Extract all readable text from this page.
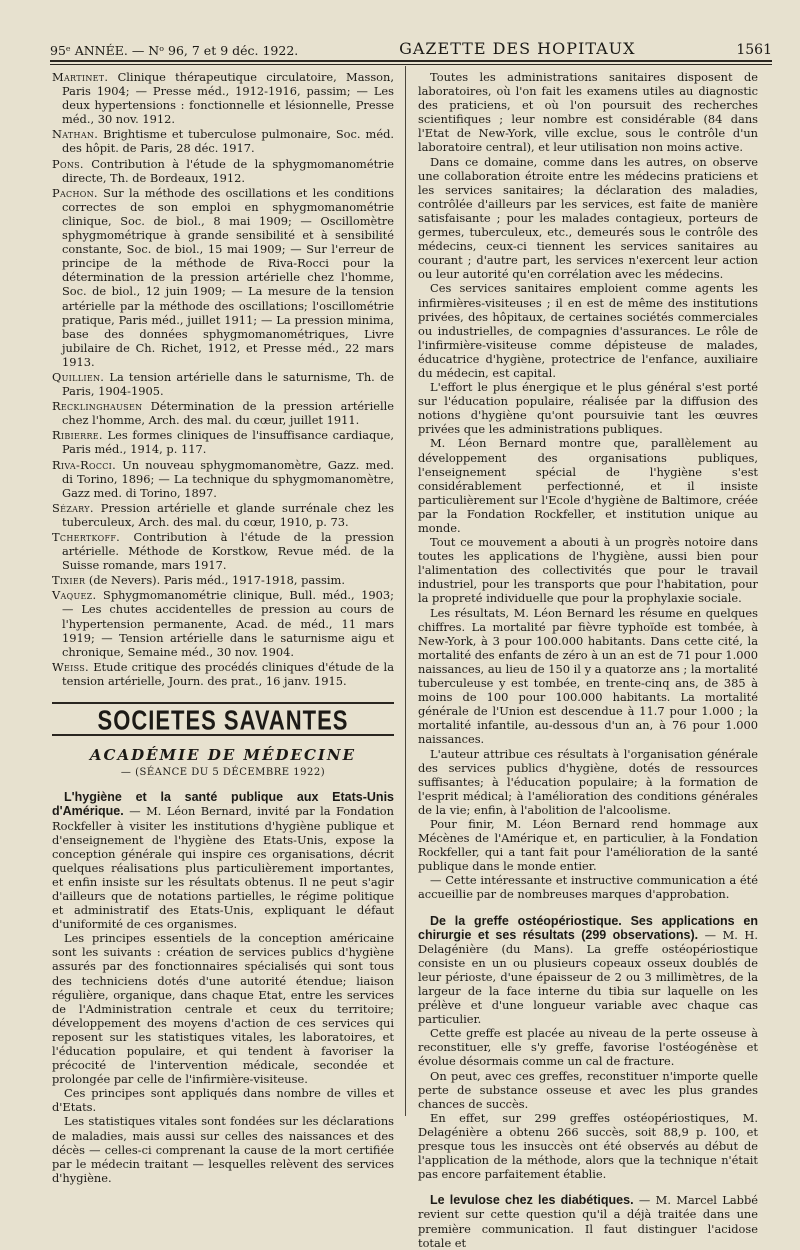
95ᵉ ANNÉE. — Nᵒ 96, 7 et 9 déc. 1922.	GAZETTE DES HOPITAUX	1561

Martinet. Clinique thérapeutique circulatoire, Masson, Paris 1904; — Presse méd., 1912-1916, passim; — Les deux hypertensions : fonctionnelle et lésionnelle, Presse méd., 30 nov. 1912.

Nathan. Brightisme et tuberculose pulmonaire, Soc. méd. des hôpit. de Paris, 28 déc. 1917.

Pons. Contribution à l'étude de la sphygmomanométrie directe, Th. de Bordeaux, 1912.

Pachon. Sur la méthode des oscillations et les conditions correctes de son emploi en sphygmomanométrie clinique, Soc. de biol., 8 mai 1909; — Oscillomètre sphygmométrique à grande sensibilité et à sensibilité constante, Soc. de biol., 15 mai 1909; — Sur l'erreur de principe de la méthode de Riva-Rocci pour la détermination de la pression artérielle chez l'homme, Soc. de biol., 12 juin 1909; — La mesure de la tension artérielle par la méthode des oscillations; l'oscillométrie pratique, Paris méd., juillet 1911; — La pression minima, base des données sphygmomanométriques, Livre jubilaire de Ch. Richet, 1912, et Presse méd., 22 mars 1913.

Quillien. La tension artérielle dans le saturnisme, Th. de Paris, 1904-1905.

Recklinghausen Détermination de la pression artérielle chez l'homme, Arch. des mal. du cœur, juillet 1911.

Ribierre. Les formes cliniques de l'insuffisance cardiaque, Paris méd., 1914, p. 117.

Riva-Rocci. Un nouveau sphygmomanomètre, Gazz. med. di Torino, 1896; — La technique du sphygmomanomètre, Gazz med. di Torino, 1897.

Sézary. Pression artérielle et glande surrénale chez les tuberculeux, Arch. des mal. du cœur, 1910, p. 73.

Tchertkoff. Contribution à l'étude de la pression artérielle. Méthode de Korstkow, Revue méd. de la Suisse romande, mars 1917.

Tixier (de Nevers). Paris méd., 1917-1918, passim.

Vaquez. Sphygmomanométrie clinique, Bull. méd., 1903; — Les chutes accidentelles de pression au cours de l'hypertension permanente, Acad. de méd., 11 mars 1919; — Tension artérielle dans le saturnisme aigu et chronique, Semaine méd., 30 nov. 1904.

Weiss. Etude critique des procédés cliniques d'étude de la tension artérielle, Journ. des prat., 16 janv. 1915.

SOCIETES SAVANTES
ACADÉMIE DE MÉDECINE
— (SÉANCE DU 5 DÉCEMBRE 1922)

L'hygiène et la santé publique aux Etats-Unis d'Amérique. — M. Léon Bernard, invité par la Fondation Rockfeller à visiter les institutions d'hygiène publique et d'enseignement de l'hygiène des Etats-Unis, expose la conception générale qui inspire ces organisations, décrit quelques réalisations plus particulièrement importantes, et enfin insiste sur les résultats obtenus. Il ne peut s'agir d'ailleurs que de notations partielles, le régime politique et administratif des Etats-Unis, expliquant le défaut d'uniformité de ces organismes.

Les principes essentiels de la conception américaine sont les suivants : création de services publics d'hygiène assurés par des fonctionnaires spécialisés qui sont tous des techniciens dotés d'une autorité étendue; liaison régulière, organique, dans chaque Etat, entre les services de l'Administration centrale et ceux du territoire; développement des moyens d'action de ces services qui reposent sur les statistiques vitales, les laboratoires, et l'éducation populaire, et qui tendent à favoriser la précocité de l'intervention médicale, secondée et prolongée par celle de l'infirmière-visiteuse.

Ces principes sont appliqués dans nombre de villes et d'Etats.

Les statistiques vitales sont fondées sur les déclarations de maladies, mais aussi sur celles des naissances et des décès — celles-ci comprenant la cause de la mort certifiée par le médecin traitant — lesquelles relèvent des services d'hygiène.

Toutes les administrations sanitaires disposent de laboratoires, où l'on fait les examens utiles au diagnostic des praticiens, et où l'on poursuit des recherches scientifiques ; leur nombre est considérable (84 dans l'Etat de New-York, ville exclue, sous le contrôle d'un laboratoire central), et leur utilisation non moins active.

Dans ce domaine, comme dans les autres, on observe une collaboration étroite entre les médecins praticiens et les services sanitaires; la déclaration des maladies, contrôlée d'ailleurs par les services, est faite de manière satisfaisante ; pour les malades contagieux, porteurs de germes, tuberculeux, etc., demeurés sous le contrôle des médecins, ceux-ci tiennent les services sanitaires au courant ; d'autre part, les services n'exercent leur action ou leur autorité qu'en corrélation avec les médecins.

Ces services sanitaires emploient comme agents les infirmières-visiteuses ; il en est de même des institutions privées, des hôpitaux, de certaines sociétés commerciales ou industrielles, de compagnies d'assurances. Le rôle de l'infirmière-visiteuse comme dépisteuse de malades, éducatrice d'hygiène, protectrice de l'enfance, auxiliaire du médecin, est capital.

L'effort le plus énergique et le plus général s'est porté sur l'éducation populaire, réalisée par la diffusion des notions d'hygiène qu'ont poursuivie tant les œuvres privées que les administrations publiques.

M. Léon Bernard montre que, parallèlement au développement des organisations publiques, l'enseignement spécial de l'hygiène s'est considérablement perfectionné, et il insiste particulièrement sur l'Ecole d'hygiène de Baltimore, créée par la Fondation Rockfeller, et institution unique au monde.

Tout ce mouvement a abouti à un progrès notoire dans toutes les applications de l'hygiène, aussi bien pour l'alimentation des collectivités que pour le travail industriel, pour les transports que pour l'habitation, pour la propreté individuelle que pour la prophylaxie sociale.

Les résultats, M. Léon Bernard les résume en quelques chiffres. La mortalité par fièvre typhoïde est tombée, à New-York, à 3 pour 100.000 habitants. Dans cette cité, la mortalité des enfants de zéro à un an est de 71 pour 1.000 naissances, au lieu de 150 il y a quatorze ans ; la mortalité tuberculeuse y est tombée, en trente-cinq ans, de 385 à moins de 100 pour 100.000 habitants. La mortalité générale de l'Union est descendue à 11.7 pour 1.000 ; la mortalité infantile, au-dessous d'un an, à 76 pour 1.000 naissances.

L'auteur attribue ces résultats à l'organisation générale des services publics d'hygiène, dotés de ressources suffisantes; à l'éducation populaire; à la formation de l'esprit médical; à l'amélioration des conditions générales de la vie; enfin, à l'abolition de l'alcoolisme.

Pour finir, M. Léon Bernard rend hommage aux Mécènes de l'Amérique et, en particulier, à la Fondation Rockfeller, qui a tant fait pour l'amélioration de la santé publique dans le monde entier.

— Cette intéressante et instructive communication a été accueillie par de nombreuses marques d'approbation.

De la greffe ostéopériostique. Ses applications en chirurgie et ses résultats (299 observations). — M. H. Delagénière (du Mans). La greffe ostéopériostique consiste en un ou plusieurs copeaux osseux doublés de leur périoste, d'une épaisseur de 2 ou 3 millimètres, de la largeur de la face interne du tibia sur laquelle on les prélève et d'une longueur variable avec chaque cas particulier.

Cette greffe est placée au niveau de la perte osseuse à reconstituer, elle s'y greffe, favorise l'ostéogénèse et évolue désormais comme un cal de fracture.

On peut, avec ces greffes, reconstituer n'importe quelle perte de substance osseuse et avec les plus grandes chances de succès.

En effet, sur 299 greffes ostéopériostiques, M. Delagénière a obtenu 266 succès, soit 88,9 p. 100, et presque tous les insuccès ont été observés au début de l'application de la méthode, alors que la technique n'était pas encore parfaitement établie.

Le levulose chez les diabétiques. — M. Marcel Labbé revient sur cette question qu'il a déjà traitée dans une première communication. Il faut distinguer l'acidose totale et
